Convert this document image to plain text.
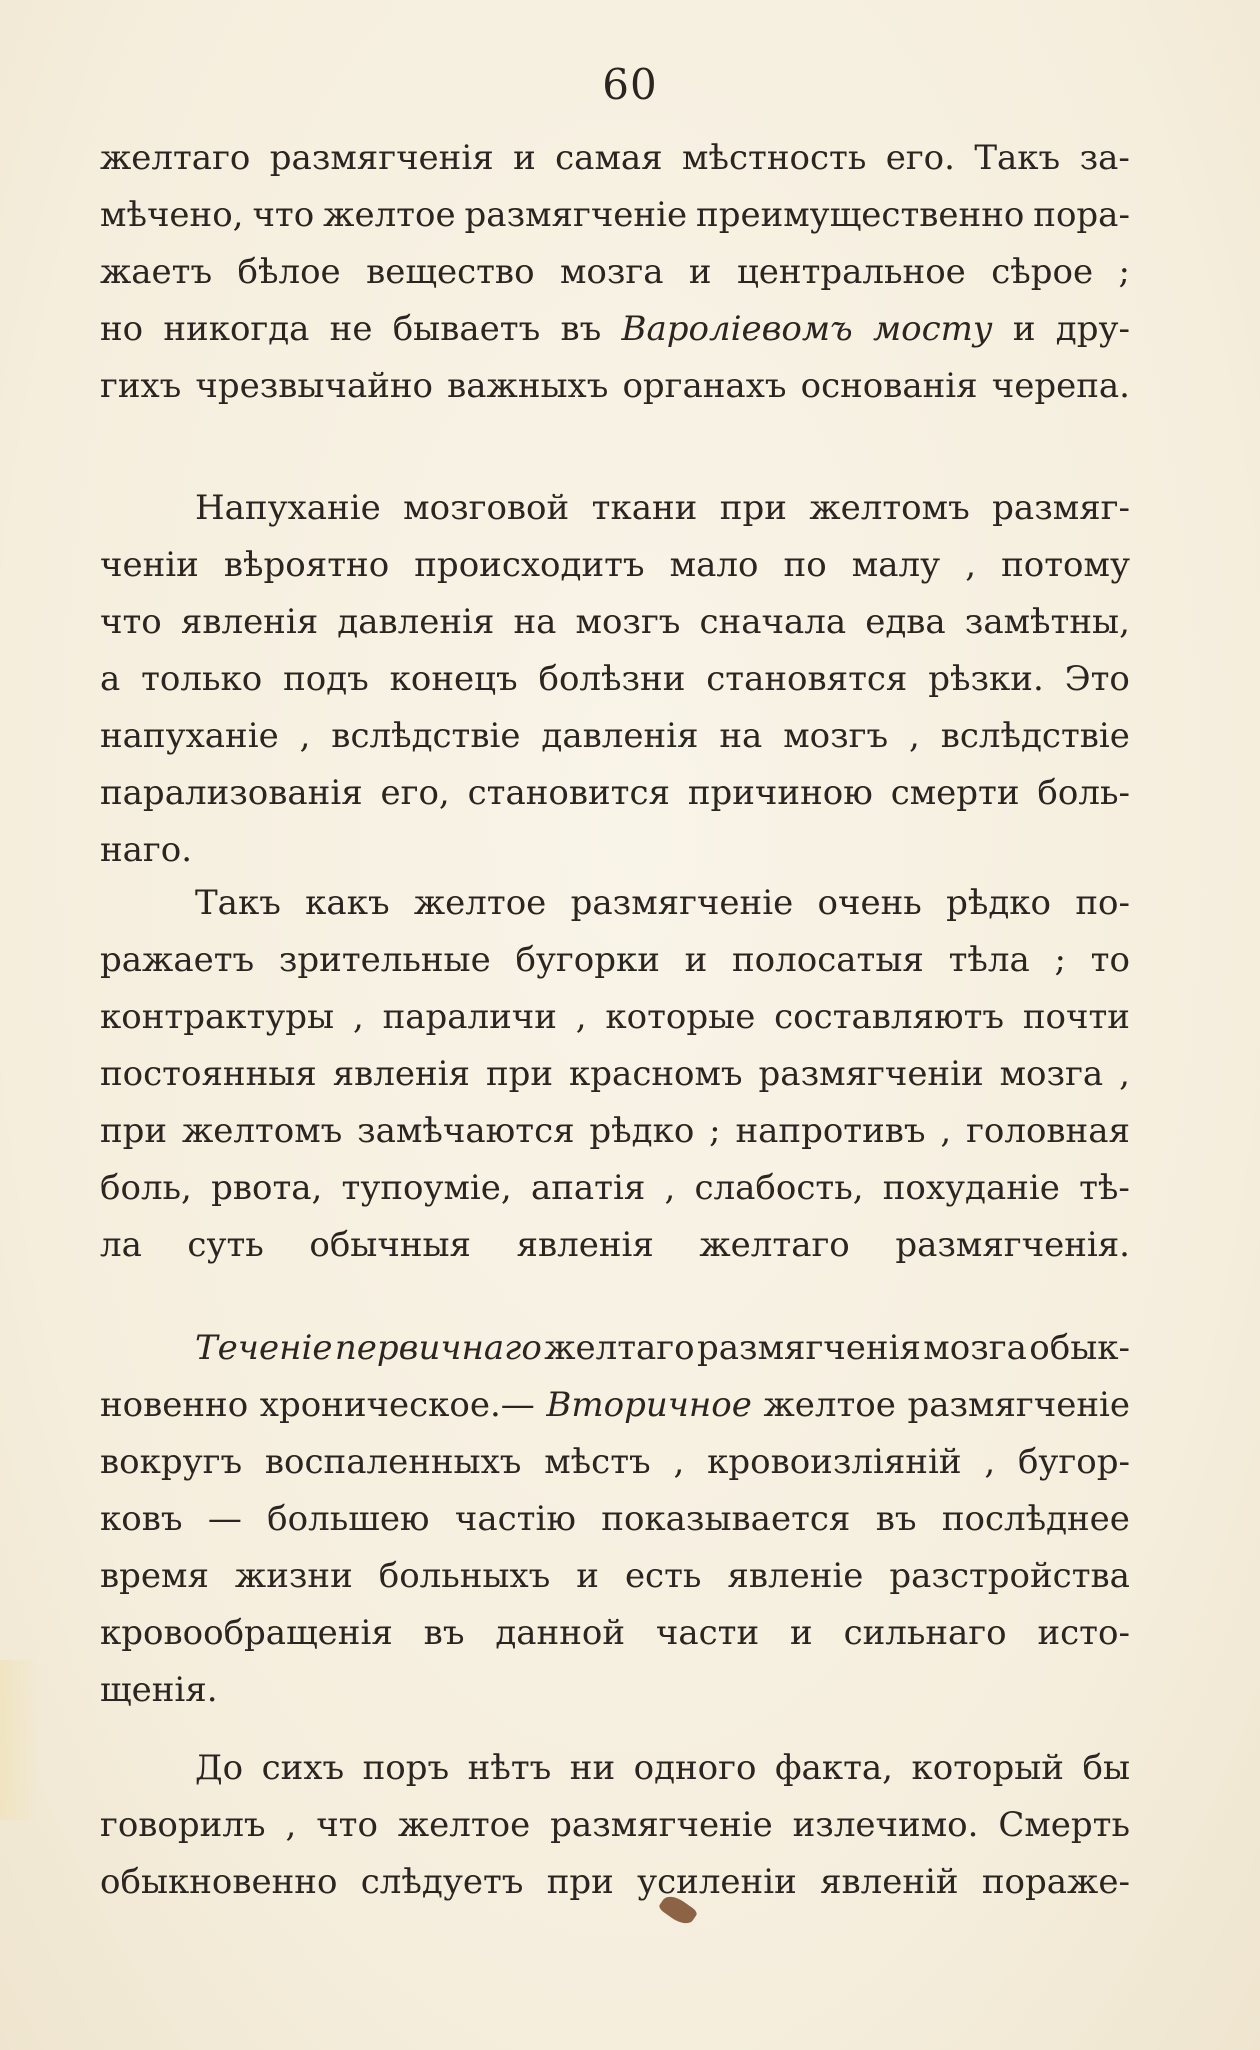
60
желтаго размягченія и самая мѣстность его. Такъ за-
мѣчено, что желтое размягченіе преимущественно пора-
жаетъ бѣлое вещество мозга и центральное сѣрое ;
но никогда не бываетъ въ Вароліевомъ мосту и дру-
гихъ чрезвычайно важныхъ органахъ основанія черепа.
Напуханіе мозговой ткани при желтомъ размяг-
ченіи вѣроятно происходитъ мало по малу , потому
что явленія давленія на мозгъ сначала едва замѣтны,
а только подъ конецъ болѣзни становятся рѣзки. Это
напуханіе , вслѣдствіе давленія на мозгъ , вслѣдствіе
парализованія его, становится причиною смерти боль-
наго.
Такъ какъ желтое размягченіе очень рѣдко по-
ражаетъ зрительные бугорки и полосатыя тѣла ; то
контрактуры , параличи , которые составляютъ почти
постоянныя явленія при красномъ размягченіи мозга ,
при желтомъ замѣчаются рѣдко ; напротивъ , головная
боль, рвота, тупоуміе, апатія , слабость, похуданіе тѣ-
ла суть обычныя явленія желтаго размягченія.
Теченіе первичнаго желтаго размягченія мозга обык-
новенно хроническое.— Вторичное желтое размягченіе
вокругъ воспаленныхъ мѣстъ , кровоизліяній , бугор-
ковъ — большею частію показывается въ послѣднее
время жизни больныхъ и есть явленіе разстройства
кровообращенія въ данной части и сильнаго исто-
щенія.
До сихъ поръ нѣтъ ни одного факта, который бы
говорилъ , что желтое размягченіе излечимо. Смерть
обыкновенно слѣдуетъ при усиленіи явленій пораже-
